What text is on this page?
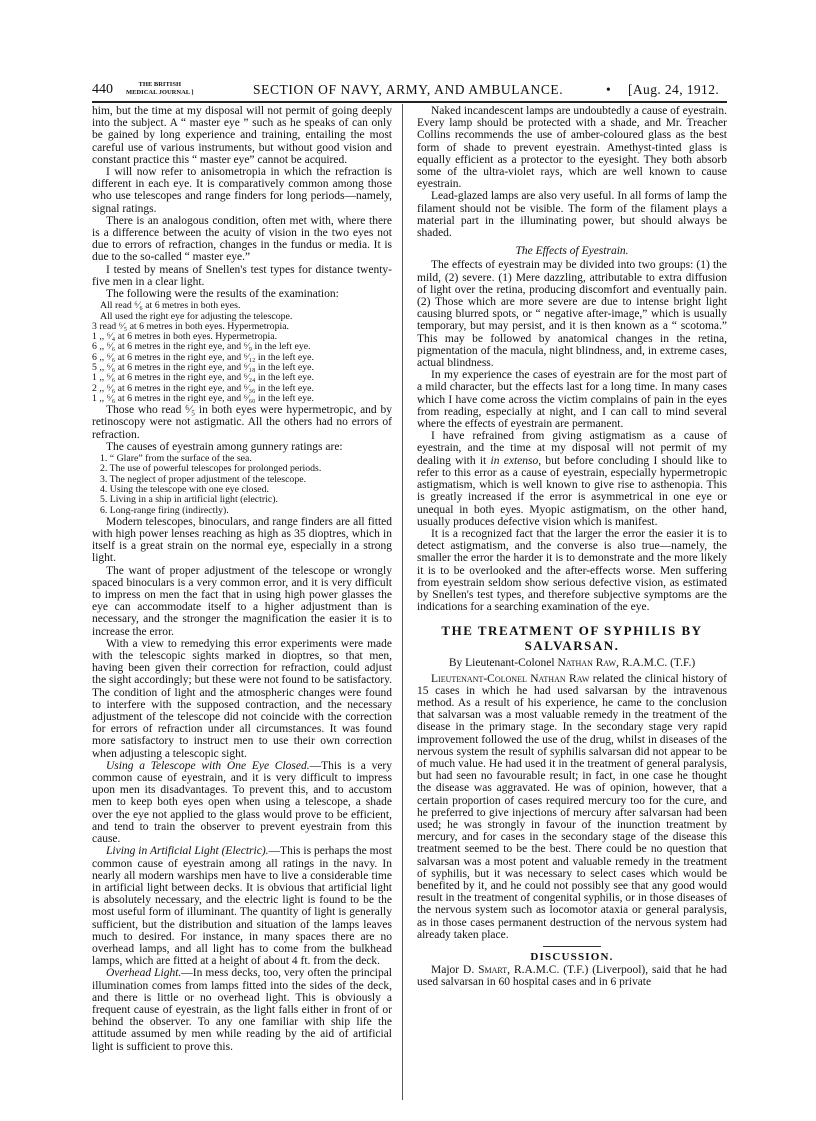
440	THE BRITISH
MEDICAL JOURNAL ]	SECTION OF NAVY, ARMY, AND AMBULANCE.	• [Aug. 24, 1912.

him, but the time at my disposal will not permit of going deeply into the subject. A “ master eye ” such as he speaks of can only be gained by long experience and training, entailing the most careful use of various instruments, but without good vision and constant practice this “ master eye” cannot be acquired.

I will now refer to anisometropia in which the refraction is different in each eye. It is comparatively common among those who use telescopes and range finders for long periods—namely, signal ratings.

There is an analogous condition, often met with, where there is a difference between the acuity of vision in the two eyes not due to errors of refraction, changes in the fundus or media. It is due to the so-called “ master eye.”

I tested by means of Snellen's test types for distance twenty-five men in a clear light.

The following were the results of the examination:

All read ⁶⁄₆ at 6 metres in both eyes.
All used the right eye for adjusting the telescope.
3 read ⁶⁄₅ at 6 metres in both eyes. Hypermetropia.
1 ,, ⁶⁄₄ at 6 metres in both eyes. Hypermetropia.
6 ,, ⁶⁄₆ at 6 metres in the right eye, and ⁶⁄₉ in the left eye.
6 ,, ⁶⁄₆ at 6 metres in the right eye, and ⁶⁄₁₂ in the left eye.
5 ,, ⁶⁄₆ at 6 metres in the right eye, and ⁶⁄₁₈ in the left eye.
1 ,, ⁶⁄₆ at 6 metres in the right eye, and ⁶⁄₂₄ in the left eye.
2 ,, ⁶⁄₆ at 6 metres in the right eye, and ⁶⁄₃₆ in the left eye.
1 ,, ⁶⁄₆ at 6 metres in the right eye, and ⁶⁄₆₀ in the left eye.

Those who read ⁶⁄₅ in both eyes were hypermetropic, and by retinoscopy were not astigmatic. All the others had no errors of refraction.

The causes of eyestrain among gunnery ratings are:

1. “ Glare” from the surface of the sea.
2. The use of powerful telescopes for prolonged periods.
3. The neglect of proper adjustment of the telescope.
4. Using the telescope with one eye closed.
5. Living in a ship in artificial light (electric).
6. Long-range firing (indirectly).

Modern telescopes, binoculars, and range finders are all fitted with high power lenses reaching as high as 35 dioptres, which in itself is a great strain on the normal eye, especially in a strong light.

The want of proper adjustment of the telescope or wrongly spaced binoculars is a very common error, and it is very difficult to impress on men the fact that in using high power glasses the eye can accommodate itself to a higher adjustment than is necessary, and the stronger the magnification the easier it is to increase the error.

With a view to remedying this error experiments were made with the telescopic sights marked in dioptres, so that men, having been given their correction for refraction, could adjust the sight accordingly; but these were not found to be satisfactory. The condition of light and the atmospheric changes were found to interfere with the supposed contraction, and the necessary adjustment of the telescope did not coincide with the correction for errors of refraction under all circumstances. It was found more satisfactory to instruct men to use their own correction when adjusting a telescopic sight.

Using a Telescope with One Eye Closed.—This is a very common cause of eyestrain, and it is very difficult to impress upon men its disadvantages. To prevent this, and to accustom men to keep both eyes open when using a telescope, a shade over the eye not applied to the glass would prove to be efficient, and tend to train the observer to prevent eyestrain from this cause.

Living in Artificial Light (Electric).—This is perhaps the most common cause of eyestrain among all ratings in the navy. In nearly all modern warships men have to live a considerable time in artificial light between decks. It is obvious that artificial light is absolutely necessary, and the electric light is found to be the most useful form of illuminant. The quantity of light is generally sufficient, but the distribution and situation of the lamps leaves much to desired. For instance, in many spaces there are no overhead lamps, and all light has to come from the bulkhead lamps, which are fitted at a height of about 4 ft. from the deck.

Overhead Light.—In mess decks, too, very often the principal illumination comes from lamps fitted into the sides of the deck, and there is little or no overhead light. This is obviously a frequent cause of eyestrain, as the light falls either in front of or behind the observer. To any one familiar with ship life the attitude assumed by men while reading by the aid of artificial light is sufficient to prove this.

Naked incandescent lamps are undoubtedly a cause of eyestrain. Every lamp should be protected with a shade, and Mr. Treacher Collins recommends the use of amber-coloured glass as the best form of shade to prevent eyestrain. Amethyst-tinted glass is equally efficient as a protector to the eyesight. They both absorb some of the ultra-violet rays, which are well known to cause eyestrain.

Lead-glazed lamps are also very useful. In all forms of lamp the filament should not be visible. The form of the filament plays a material part in the illuminating power, but should always be shaded.

The Effects of Eyestrain.

The effects of eyestrain may be divided into two groups: (1) the mild, (2) severe. (1) Mere dazzling, attributable to extra diffusion of light over the retina, producing discomfort and eventually pain. (2) Those which are more severe are due to intense bright light causing blurred spots, or “ negative after-image,” which is usually temporary, but may persist, and it is then known as a “ scotoma.” This may be followed by anatomical changes in the retina, pigmentation of the macula, night blindness, and, in extreme cases, actual blindness.

In my experience the cases of eyestrain are for the most part of a mild character, but the effects last for a long time. In many cases which I have come across the victim complains of pain in the eyes from reading, especially at night, and I can call to mind several where the effects of eyestrain are permanent.

I have refrained from giving astigmatism as a cause of eyestrain, and the time at my disposal will not permit of my dealing with it in extenso, but before concluding I should like to refer to this error as a cause of eyestrain, especially hypermetropic astigmatism, which is well known to give rise to asthenopia. This is greatly increased if the error is asymmetrical in one eye or unequal in both eyes. Myopic astigmatism, on the other hand, usually produces defective vision which is manifest.

It is a recognized fact that the larger the error the easier it is to detect astigmatism, and the converse is also true—namely, the smaller the error the harder it is to demonstrate and the more likely it is to be overlooked and the after-effects worse. Men suffering from eyestrain seldom show serious defective vision, as estimated by Snellen's test types, and therefore subjective symptoms are the indications for a searching examination of the eye.

THE TREATMENT OF SYPHILIS BY SALVARSAN.

By Lieutenant-Colonel Nathan Raw, R.A.M.C. (T.F.)

Lieutenant-Colonel Nathan Raw related the clinical history of 15 cases in which he had used salvarsan by the intravenous method. As a result of his experience, he came to the conclusion that salvarsan was a most valuable remedy in the treatment of the disease in the primary stage. In the secondary stage very rapid improvement followed the use of the drug, whilst in diseases of the nervous system the result of syphilis salvarsan did not appear to be of much value. He had used it in the treatment of general paralysis, but had seen no favourable result; in fact, in one case he thought the disease was aggravated. He was of opinion, however, that a certain proportion of cases required mercury too for the cure, and he preferred to give injections of mercury after salvarsan had been used; he was strongly in favour of the inunction treatment by mercury, and for cases in the secondary stage of the disease this treatment seemed to be the best. There could be no question that salvarsan was a most potent and valuable remedy in the treatment of syphilis, but it was necessary to select cases which would be benefited by it, and he could not possibly see that any good would result in the treatment of congenital syphilis, or in those diseases of the nervous system such as locomotor ataxia or general paralysis, as in those cases permanent destruction of the nervous system had already taken place.

DISCUSSION.

Major D. Smart, R.A.M.C. (T.F.) (Liverpool), said that he had used salvarsan in 60 hospital cases and in 6 private
